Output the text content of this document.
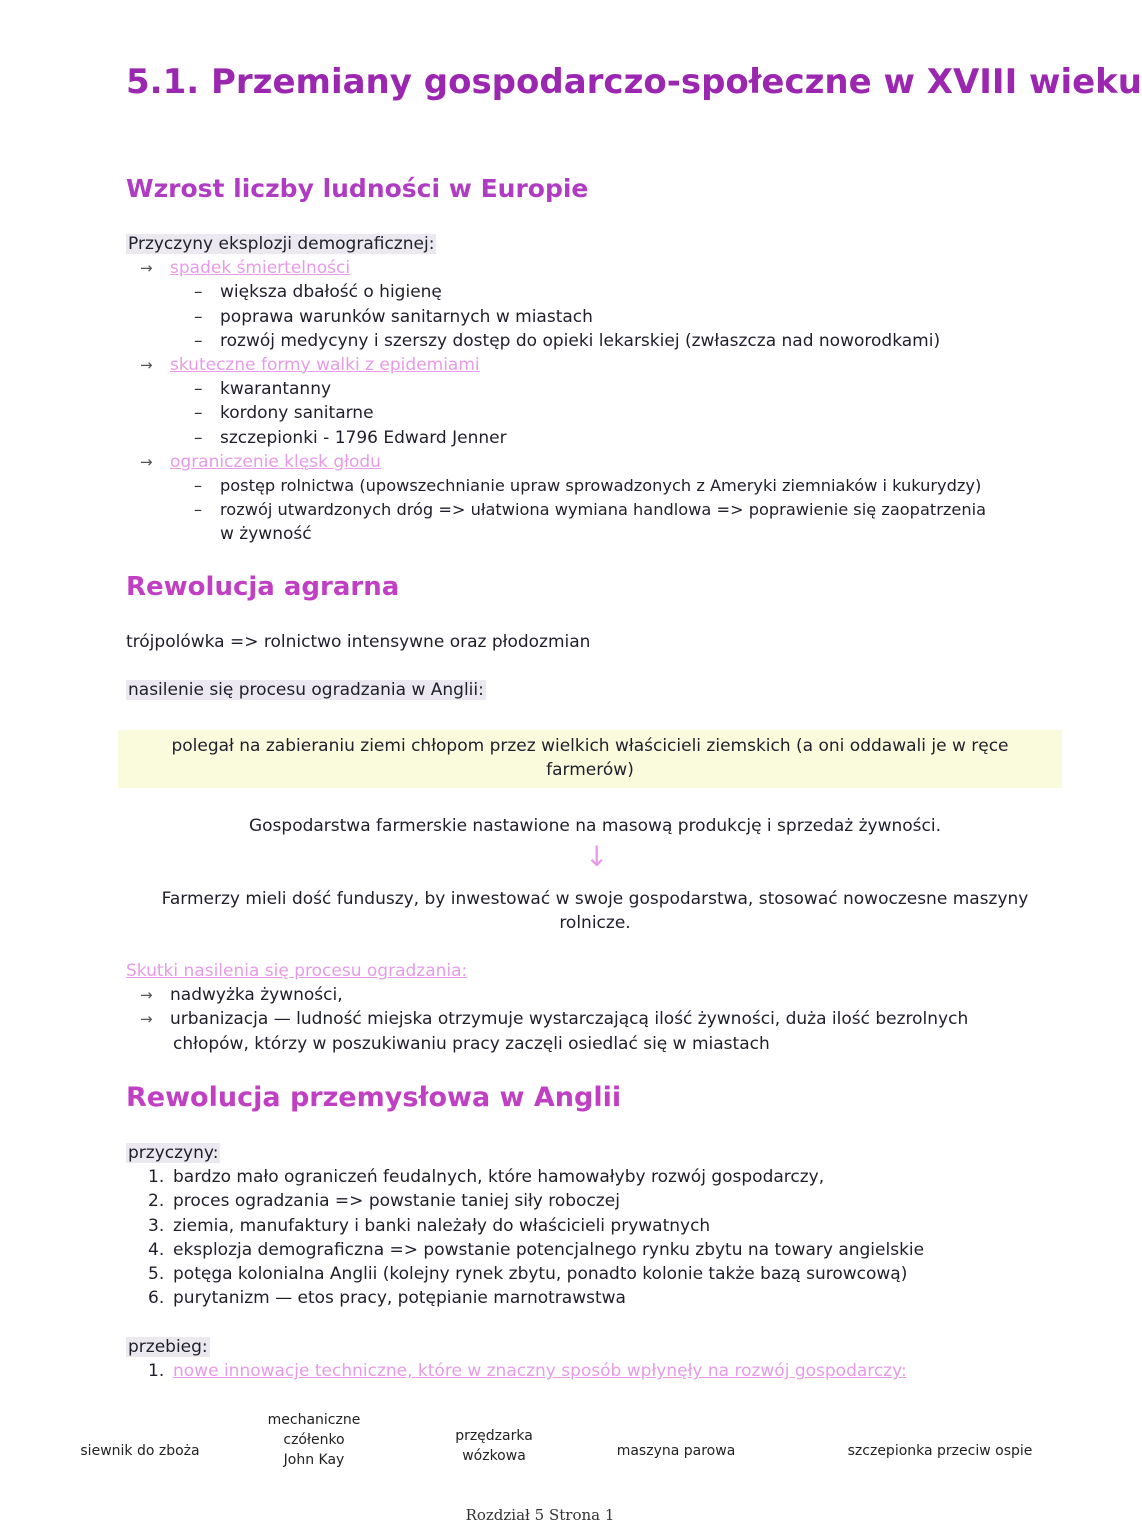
5.1. Przemiany gospodarczo-społeczne w XVIII wieku
Wzrost liczby ludności w Europie
Przyczyny eksplozji demograficznej:
→ spadek śmiertelności
– większa dbałość o higienę
– poprawa warunków sanitarnych w miastach
– rozwój medycyny i szerszy dostęp do opieki lekarskiej (zwłaszcza nad noworodkami)
→ skuteczne formy walki z epidemiami
– kwarantanny
– kordony sanitarne
– szczepionki - 1796 Edward Jenner
→ ograniczenie klęsk głodu
– postęp rolnictwa (upowszechnianie upraw sprowadzonych z Ameryki ziemniaków i kukurydzy)
– rozwój utwardzonych dróg => ułatwiona wymiana handlowa => poprawienie się zaopatrzenia
w żywność
Rewolucja agrarna
trójpolówka => rolnictwo intensywne oraz płodozmian
nasilenie się procesu ogradzania w Anglii:
polegał na zabieraniu ziemi chłopom przez wielkich właścicieli ziemskich (a oni oddawali je w ręce
farmerów)
Gospodarstwa farmerskie nastawione na masową produkcję i sprzedaż żywności.
↓
Farmerzy mieli dość funduszy, by inwestować w swoje gospodarstwa, stosować nowoczesne maszyny
rolnicze.
Skutki nasilenia się procesu ogradzania:
→ nadwyżka żywności,
→ urbanizacja — ludność miejska otrzymuje wystarczającą ilość żywności, duża ilość bezrolnych
chłopów, którzy w poszukiwaniu pracy zaczęli osiedlać się w miastach
Rewolucja przemysłowa w Anglii
przyczyny:
1. bardzo mało ograniczeń feudalnych, które hamowałyby rozwój gospodarczy,
2. proces ogradzania => powstanie taniej siły roboczej
3. ziemia, manufaktury i banki należały do właścicieli prywatnych
4. eksplozja demograficzna => powstanie potencjalnego rynku zbytu na towary angielskie
5. potęga kolonialna Anglii (kolejny rynek zbytu, ponadto kolonie także bazą surowcową)
6. purytanizm — etos pracy, potępianie marnotrawstwa
przebieg:
1. nowe innowacje techniczne, które w znaczny sposób wpłynęły na rozwój gospodarczy:
siewnik do zboża
mechaniczne
czółenko
John Kay
przędzarka
wózkowa	maszyna parowa	szczepionka przeciw ospie
Rozdział 5 Strona 1
